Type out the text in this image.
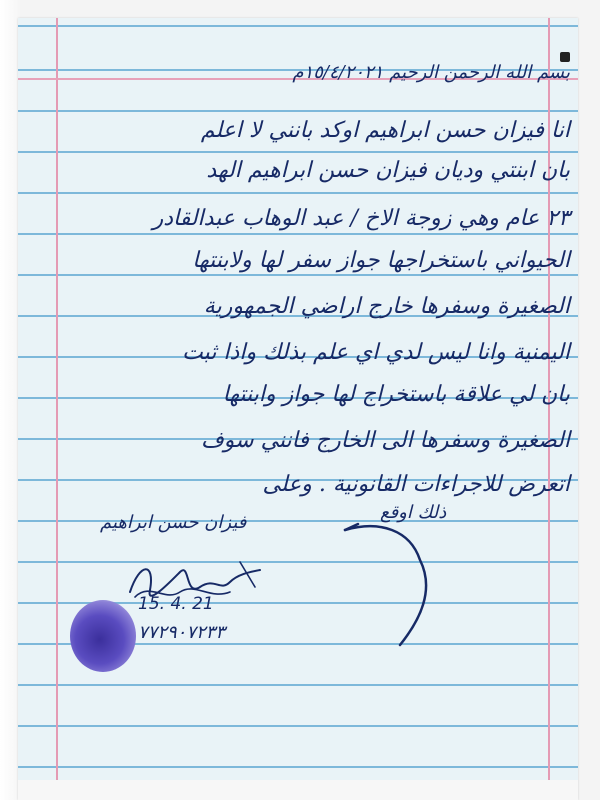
بسم الله الرحمن الرحيم ١٥/٤/٢٠٢١م
انا فيزان حسن ابراهيم اوكد بانني لا اعلم
بان ابنتي وديان فيزان حسن ابراهيم الهد
٢٣ عام وهي زوجة الاخ / عبد الوهاب عبدالقادر
الحيواني باستخراجها جواز سفر لها ولابنتها
الصغيرة وسفرها خارج اراضي الجمهورية
اليمنية وانا ليس لدي اي علم بذلك واذا ثبت
بان لي علاقة باستخراج لها جواز وابنتها
الصغيرة وسفرها الى الخارج فانني سوف
اتعرض للاجراءات القانونية . وعلى
ذلك اوقع
فيزان حسن ابراهيم
15. 4. 21
٧٧٢٩٠٧٢٣٣
